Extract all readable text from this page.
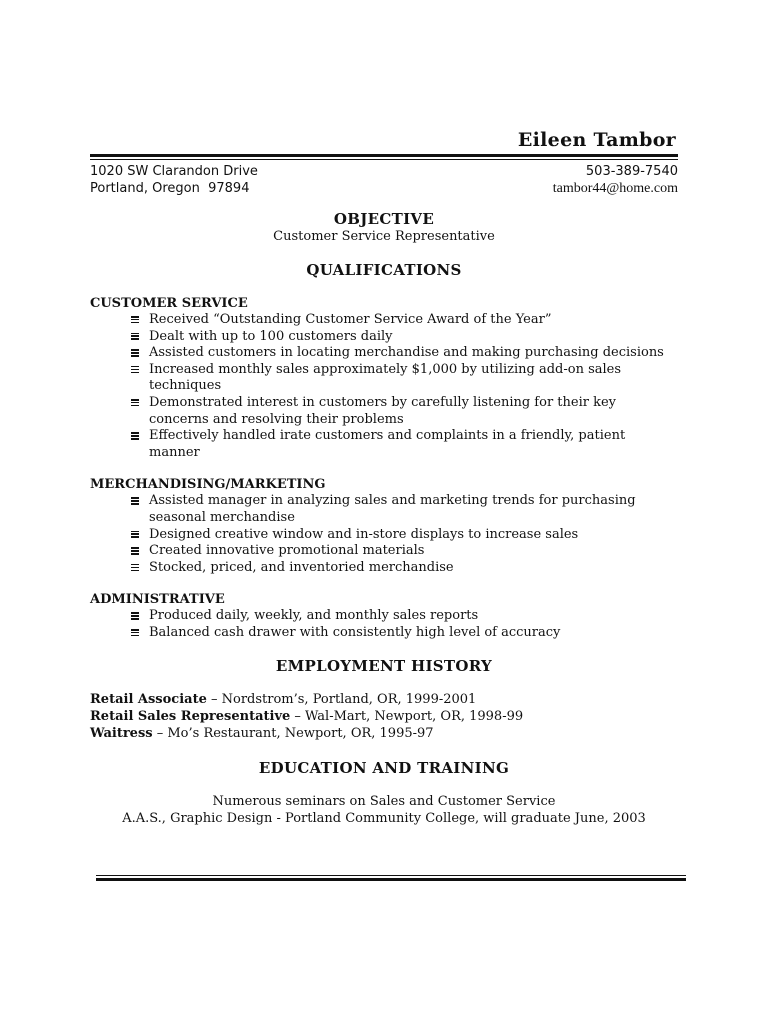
Eileen Tambor
1020 SW Clarandon Drive
Portland, Oregon  97894
503-389-7540
tambor44@home.com
OBJECTIVE
Customer Service Representative
QUALIFICATIONS
CUSTOMER SERVICE
Received “Outstanding Customer Service Award of the Year”
Dealt with up to 100 customers daily
Assisted customers in locating merchandise and making purchasing decisions
Increased monthly sales approximately $1,000 by utilizing add-on sales techniques
Demonstrated interest in customers by carefully listening for their key concerns and resolving their problems
Effectively handled irate customers and complaints in a friendly, patient manner
MERCHANDISING/MARKETING
Assisted manager in analyzing sales and marketing trends for purchasing seasonal merchandise
Designed creative window and in-store displays to increase sales
Created innovative promotional materials
Stocked, priced, and inventoried merchandise
ADMINISTRATIVE
Produced daily, weekly, and monthly sales reports
Balanced cash drawer with consistently high level of accuracy
EMPLOYMENT HISTORY
Retail Associate – Nordstrom’s, Portland, OR, 1999-2001
Retail Sales Representative – Wal-Mart, Newport, OR, 1998-99
Waitress – Mo’s Restaurant, Newport, OR, 1995-97
EDUCATION AND TRAINING
Numerous seminars on Sales and Customer Service
A.A.S., Graphic Design - Portland Community College, will graduate June, 2003
